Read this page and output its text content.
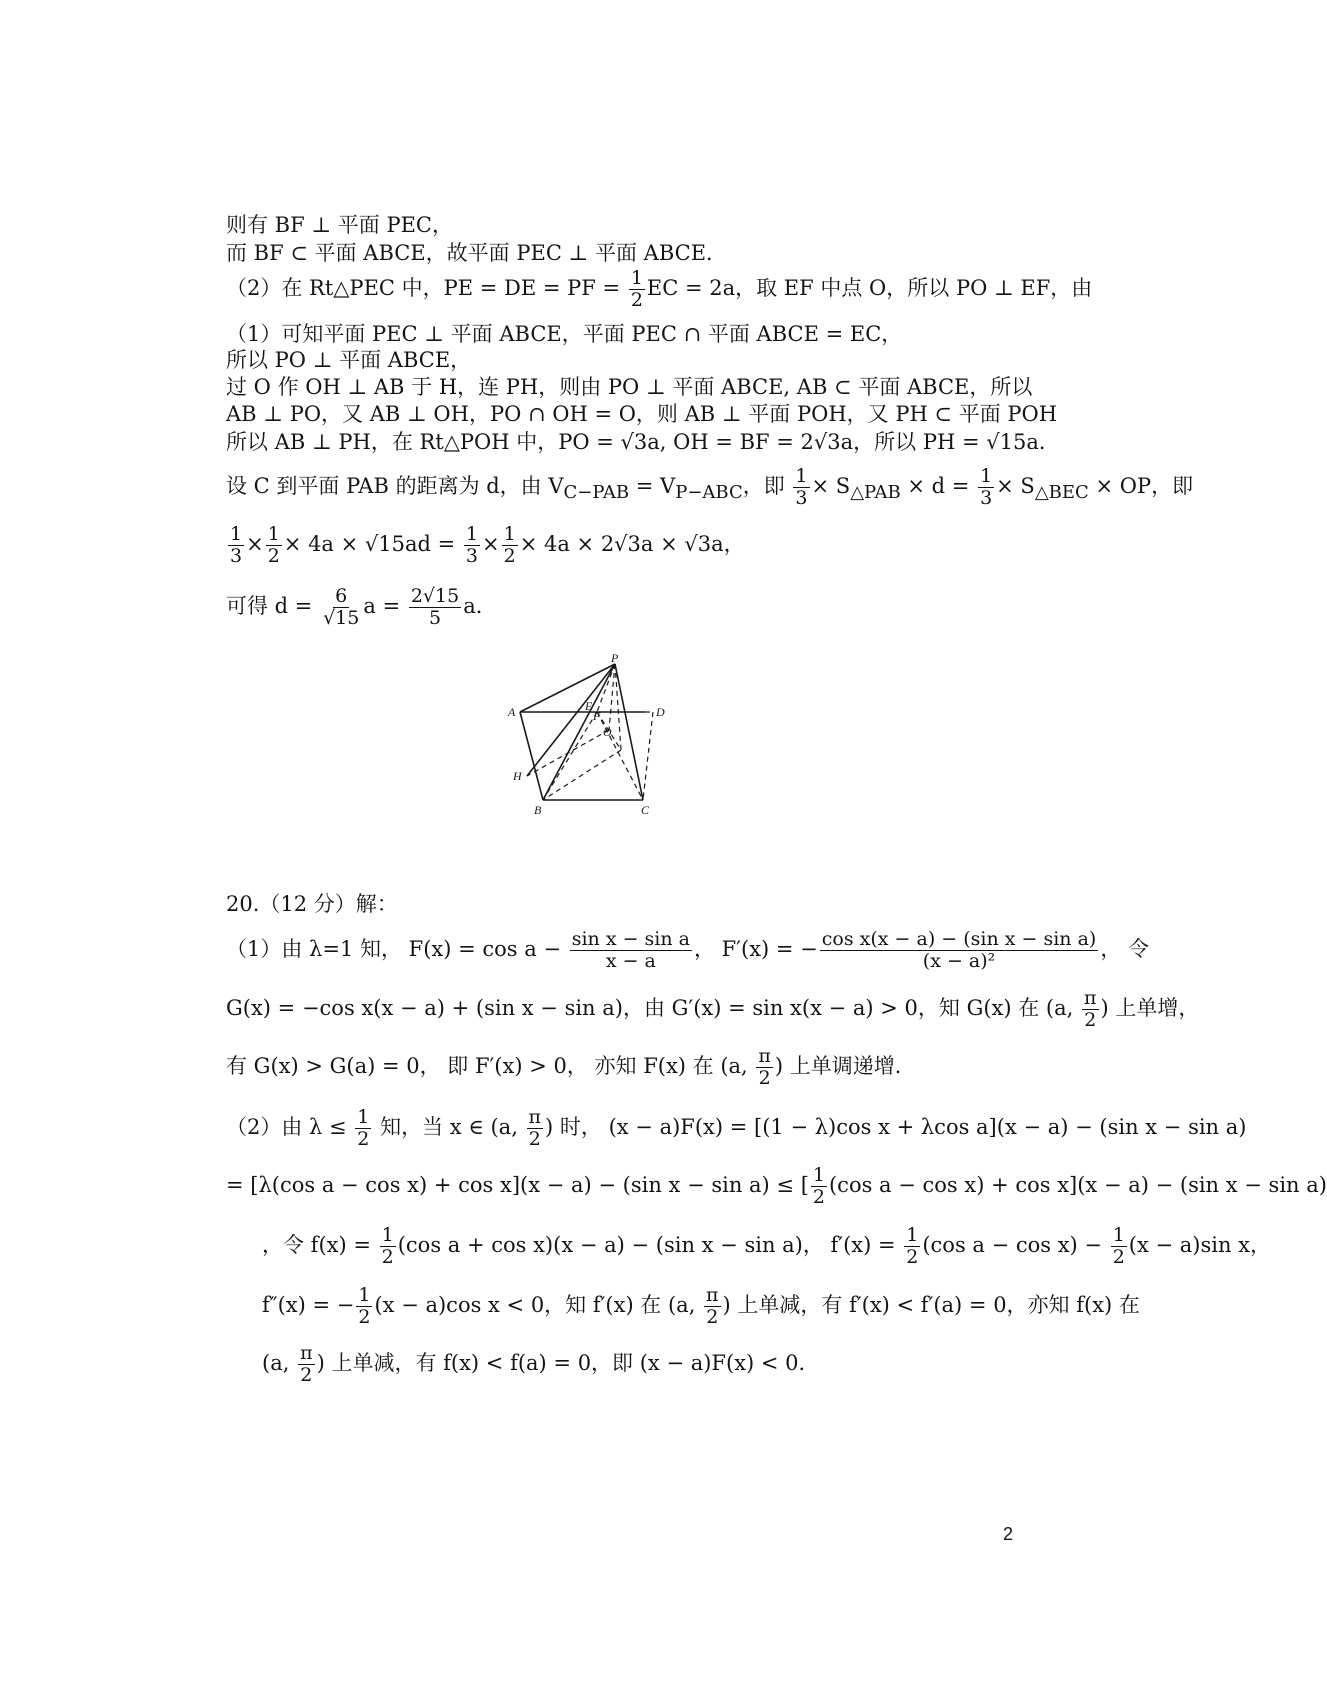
则有 BF ⊥ 平面 PEC，
而 BF ⊂ 平面 ABCE，故平面 PEC ⊥ 平面 ABCE．
（2）在 Rt△PEC 中，PE = DE = PF = $\frac{1}{2}$ EC = 2a，取 EF 中点 O，所以 PO ⊥ EF，由
（1）可知平面 PEC ⊥ 平面 ABCE，平面 PEC ∩ 平面 ABCE = EC，
所以 PO ⊥ 平面 ABCE，
过 O 作 OH ⊥ AB 于 H，连 PH，则由 PO ⊥ 平面 ABCE, AB ⊂ 平面 ABCE，所以
AB ⊥ PO，又 AB ⊥ OH，PO ∩ OH = O，则 AB ⊥ 平面 POH，又 PH ⊂ 平面 POH
所以 AB ⊥ PH，在 Rt△POH 中，PO = √3a, OH = BF = 2√3a，所以 PH = √15a．
设 C 到平面 PAB 的距离为 d，由 $V_{C-PAB} = V_{P-ABC}$，即 $\frac{1}{3} \times S_{\triangle PAB} \times d = \frac{1}{3} \times S_{\triangle BEC}$ × OP，即
$\frac{1}{3} \times \frac{1}{2} \times 4a \times √15ad = \frac{1}{3} \times \frac{1}{2} \times 4a \times 2√3a \times √3a$，
可得 $d = \frac{6}{√15}$ $a = \frac{2√15}{5}$ a．
P
A	D
E
F
O
H
B	C
20.（12 分）解：
（1）由 λ=1 知， $F(x) = \cos a - \frac{\text{sin x − sin a}}{x - a}$ ， F′(x) = − $\frac{\text{cos x(x − a) − (sin x − sin a)}}{\text{(x − a)²}}$ ， 令
G(x) = −cos x(x − a) + (sin x − sin a)，由 G′(x) = sin x(x − a) > 0，知 G(x) 在 (a, $\frac{\pi}{2}$ ) 上单增，
有 G(x) > G(a) = 0， 即 F′(x) > 0， 亦知 F(x) 在 (a, $\frac{\pi}{2}$ ) 上单调递增．
（2）由 $\lambda \le \frac{1}{2}$ 知，当 x ∈ (a, $\frac{\pi}{2}$ ) 时， (x − a)F(x) = [(1 − λ)cos x + λcos a](x − a) − (sin x − sin a)
= [λ(cos a − cos x) + cos x](x − a) − (sin x − sin a) ≤ [ $\frac{1}{2} (\cos$ a − cos x) + cos x](x − a) − (sin x − sin a)
，令 $f(x) = \frac{1}{2} (\cos$ a + cos x)(x − a) − (sin x − sin a)， $f'(x) = \frac{1}{2} (\cos$ $a - \cos x) - \frac{1}{2} (x - a)\sin$ x，
f″(x) = − $\frac{1}{2} (x - a)\cos$ x < 0，知 f′(x) 在 (a, $\frac{\pi}{2}$ ) 上单减，有 f′(x) < f′(a) = 0，亦知 f(x) 在
(a, $\frac{\pi}{2}$ ) 上单减，有 f(x) < f(a) = 0，即 (x − a)F(x) < 0．
2
